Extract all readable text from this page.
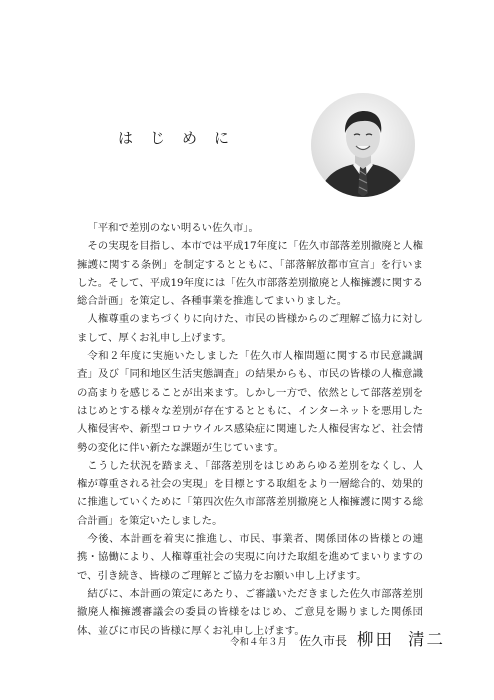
はじめに

「平和で差別のない明るい佐久市」。

その実現を目指し、本市では平成17年度に「佐久市部落差別撤廃と人権擁護に関する条例」を制定するとともに、「部落解放都市宣言」を行いました。そして、平成19年度には「佐久市部落差別撤廃と人権擁護に関する総合計画」を策定し、各種事業を推進してまいりました。

人権尊重のまちづくりに向けた、市民の皆様からのご理解ご協力に対しまして、厚くお礼申し上げます。

令和２年度に実施いたしました「佐久市人権問題に関する市民意識調査」及び「同和地区生活実態調査」の結果からも、市民の皆様の人権意識の高まりを感じることが出来ます。しかし一方で、依然として部落差別をはじめとする様々な差別が存在するとともに、インターネットを悪用した人権侵害や、新型コロナウイルス感染症に関連した人権侵害など、社会情勢の変化に伴い新たな課題が生じています。

こうした状況を踏まえ、「部落差別をはじめあらゆる差別をなくし、人権が尊重される社会の実現」を目標とする取組をより一層総合的、効果的に推進していくために「第四次佐久市部落差別撤廃と人権擁護に関する総合計画」を策定いたしました。

今後、本計画を着実に推進し、市民、事業者、関係団体の皆様との連携・協働により、人権尊重社会の実現に向けた取組を進めてまいりますので、引き続き、皆様のご理解とご協力をお願い申し上げます。

結びに、本計画の策定にあたり、ご審議いただきました佐久市部落差別撤廃人権擁護審議会の委員の皆様をはじめ、ご意見を賜りました関係団体、並びに市民の皆様に厚くお礼申し上げます。

令和４年３月 佐久市長 柳田 清二
